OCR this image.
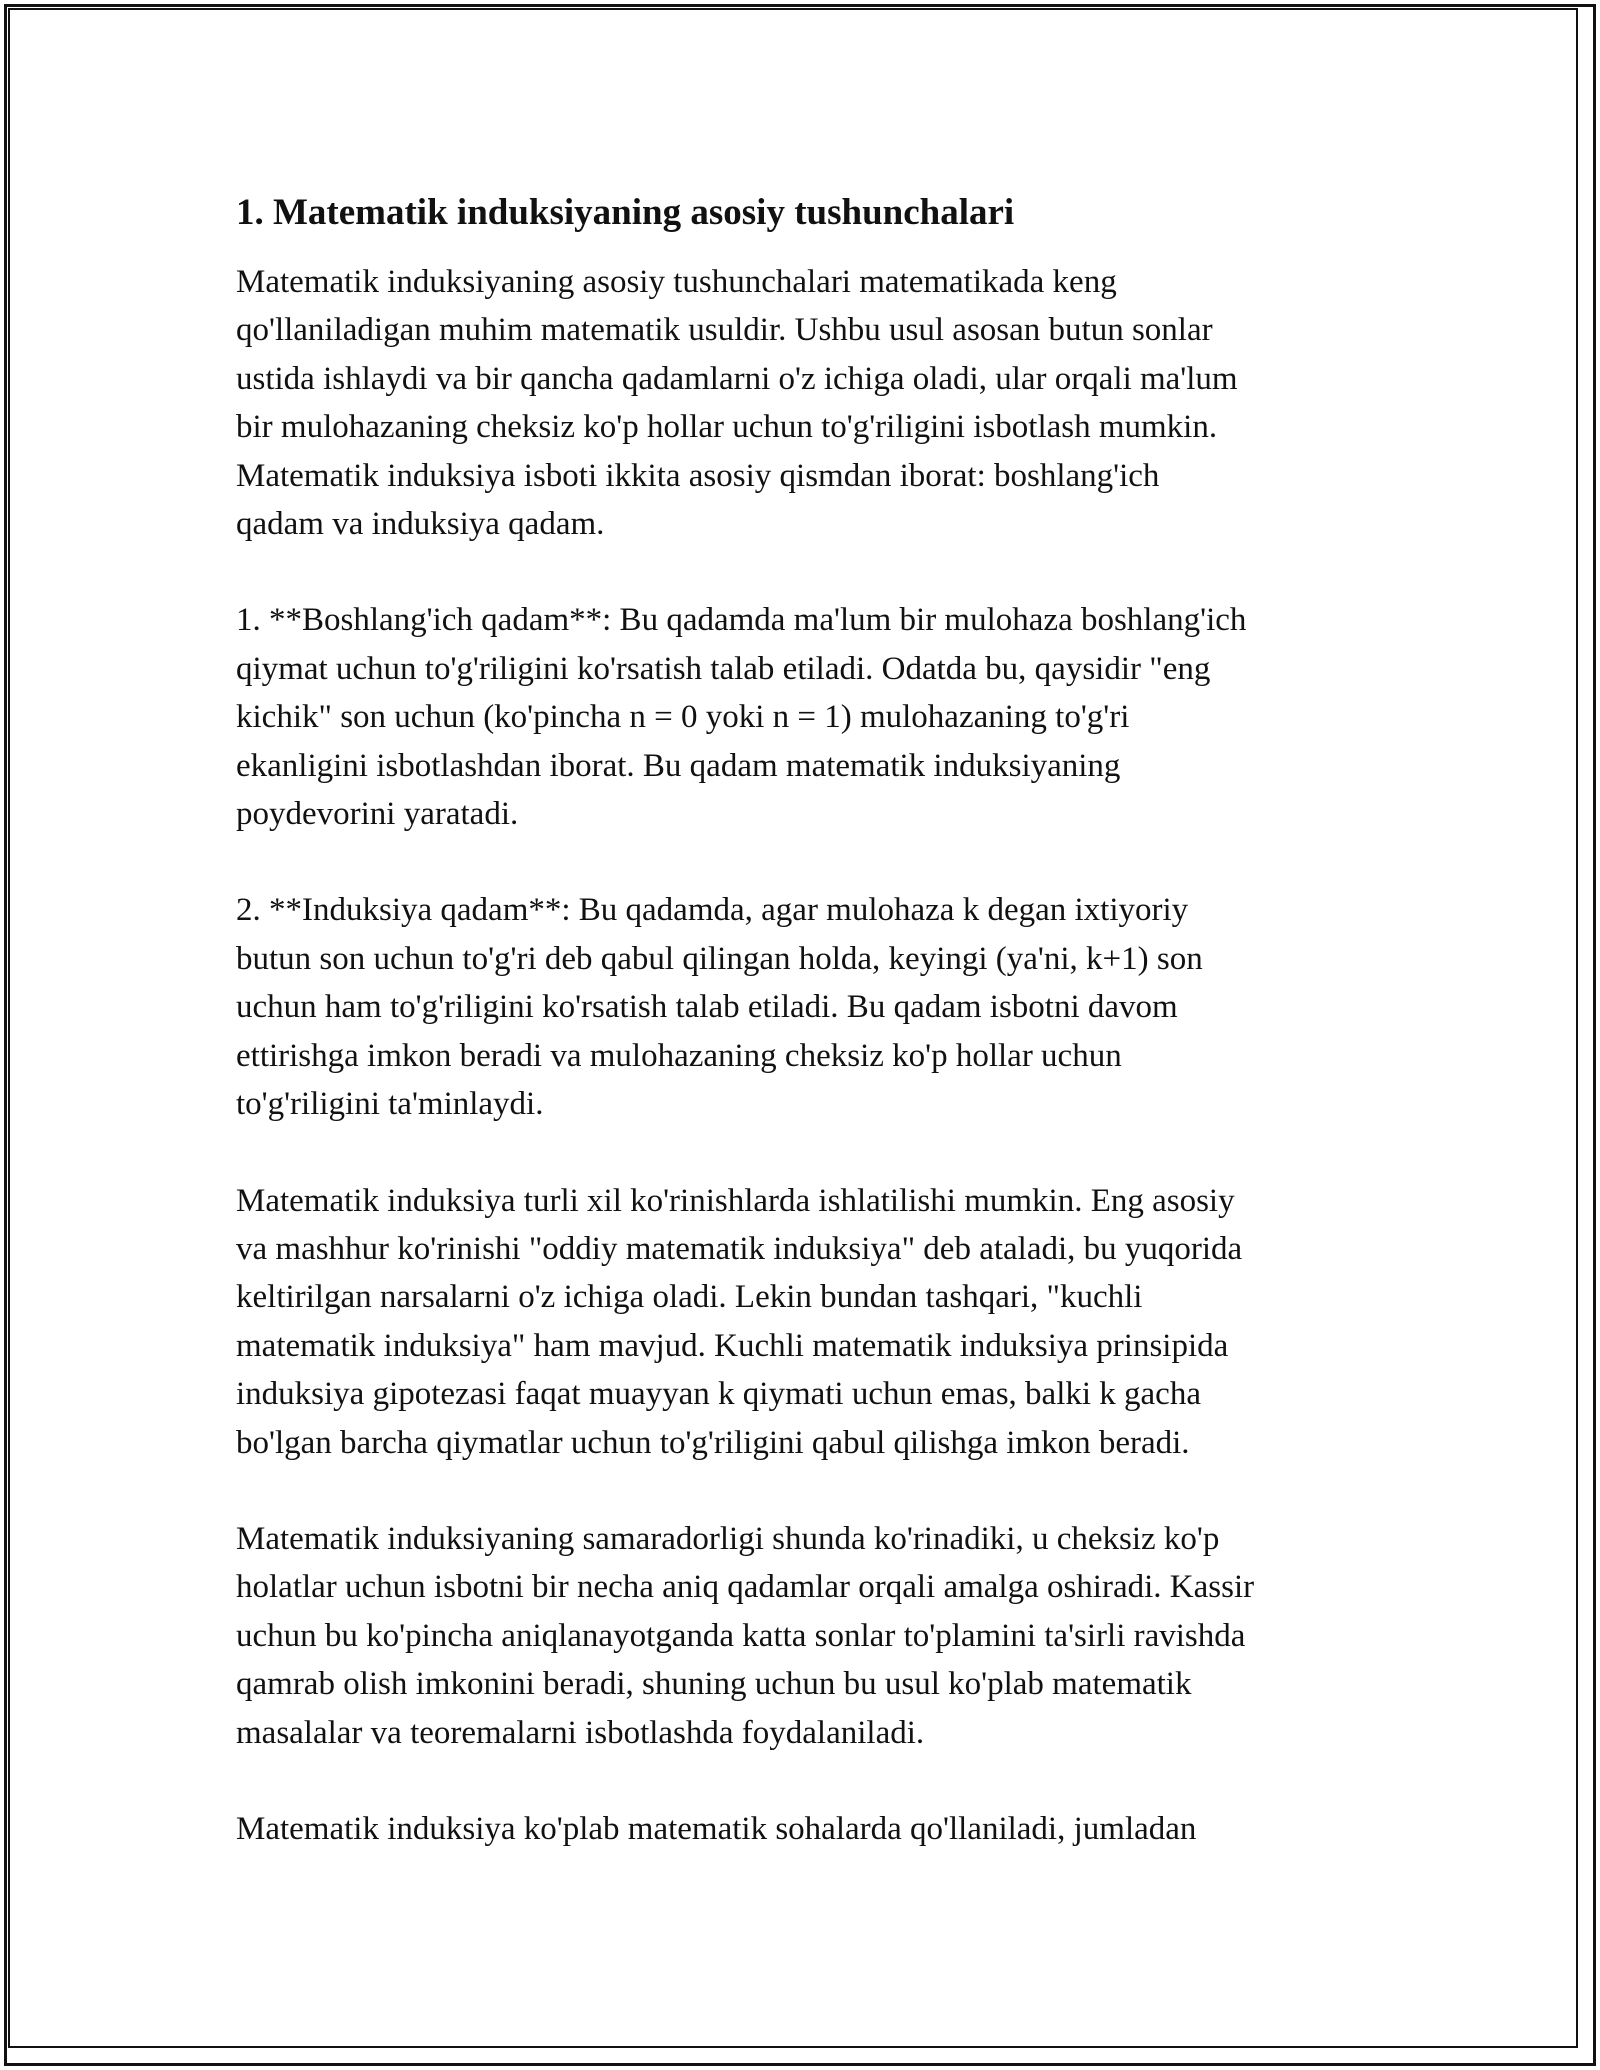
1. Matematik induksiyaning asosiy tushunchalari

Matematik induksiyaning asosiy tushunchalari matematikada keng
qo'llaniladigan muhim matematik usuldir. Ushbu usul asosan butun sonlar
ustida ishlaydi va bir qancha qadamlarni o'z ichiga oladi, ular orqali ma'lum
bir mulohazaning cheksiz ko'p hollar uchun to'g'riligini isbotlash mumkin.
Matematik induksiya isboti ikkita asosiy qismdan iborat: boshlang'ich
qadam va induksiya qadam.

1. **Boshlang'ich qadam**: Bu qadamda ma'lum bir mulohaza boshlang'ich
qiymat uchun to'g'riligini ko'rsatish talab etiladi. Odatda bu, qaysidir "eng
kichik" son uchun (ko'pincha n = 0 yoki n = 1) mulohazaning to'g'ri
ekanligini isbotlashdan iborat. Bu qadam matematik induksiyaning
poydevorini yaratadi.

2. **Induksiya qadam**: Bu qadamda, agar mulohaza k degan ixtiyoriy
butun son uchun to'g'ri deb qabul qilingan holda, keyingi (ya'ni, k+1) son
uchun ham to'g'riligini ko'rsatish talab etiladi. Bu qadam isbotni davom
ettirishga imkon beradi va mulohazaning cheksiz ko'p hollar uchun
to'g'riligini ta'minlaydi.

Matematik induksiya turli xil ko'rinishlarda ishlatilishi mumkin. Eng asosiy
va mashhur ko'rinishi "oddiy matematik induksiya" deb ataladi, bu yuqorida
keltirilgan narsalarni o'z ichiga oladi. Lekin bundan tashqari, "kuchli
matematik induksiya" ham mavjud. Kuchli matematik induksiya prinsipida
induksiya gipotezasi faqat muayyan k qiymati uchun emas, balki k gacha
bo'lgan barcha qiymatlar uchun to'g'riligini qabul qilishga imkon beradi.

Matematik induksiyaning samaradorligi shunda ko'rinadiki, u cheksiz ko'p
holatlar uchun isbotni bir necha aniq qadamlar orqali amalga oshiradi. Kassir
uchun bu ko'pincha aniqlanayotganda katta sonlar to'plamini ta'sirli ravishda
qamrab olish imkonini beradi, shuning uchun bu usul ko'plab matematik
masalalar va teoremalarni isbotlashda foydalaniladi.

Matematik induksiya ko'plab matematik sohalarda qo'llaniladi, jumladan
